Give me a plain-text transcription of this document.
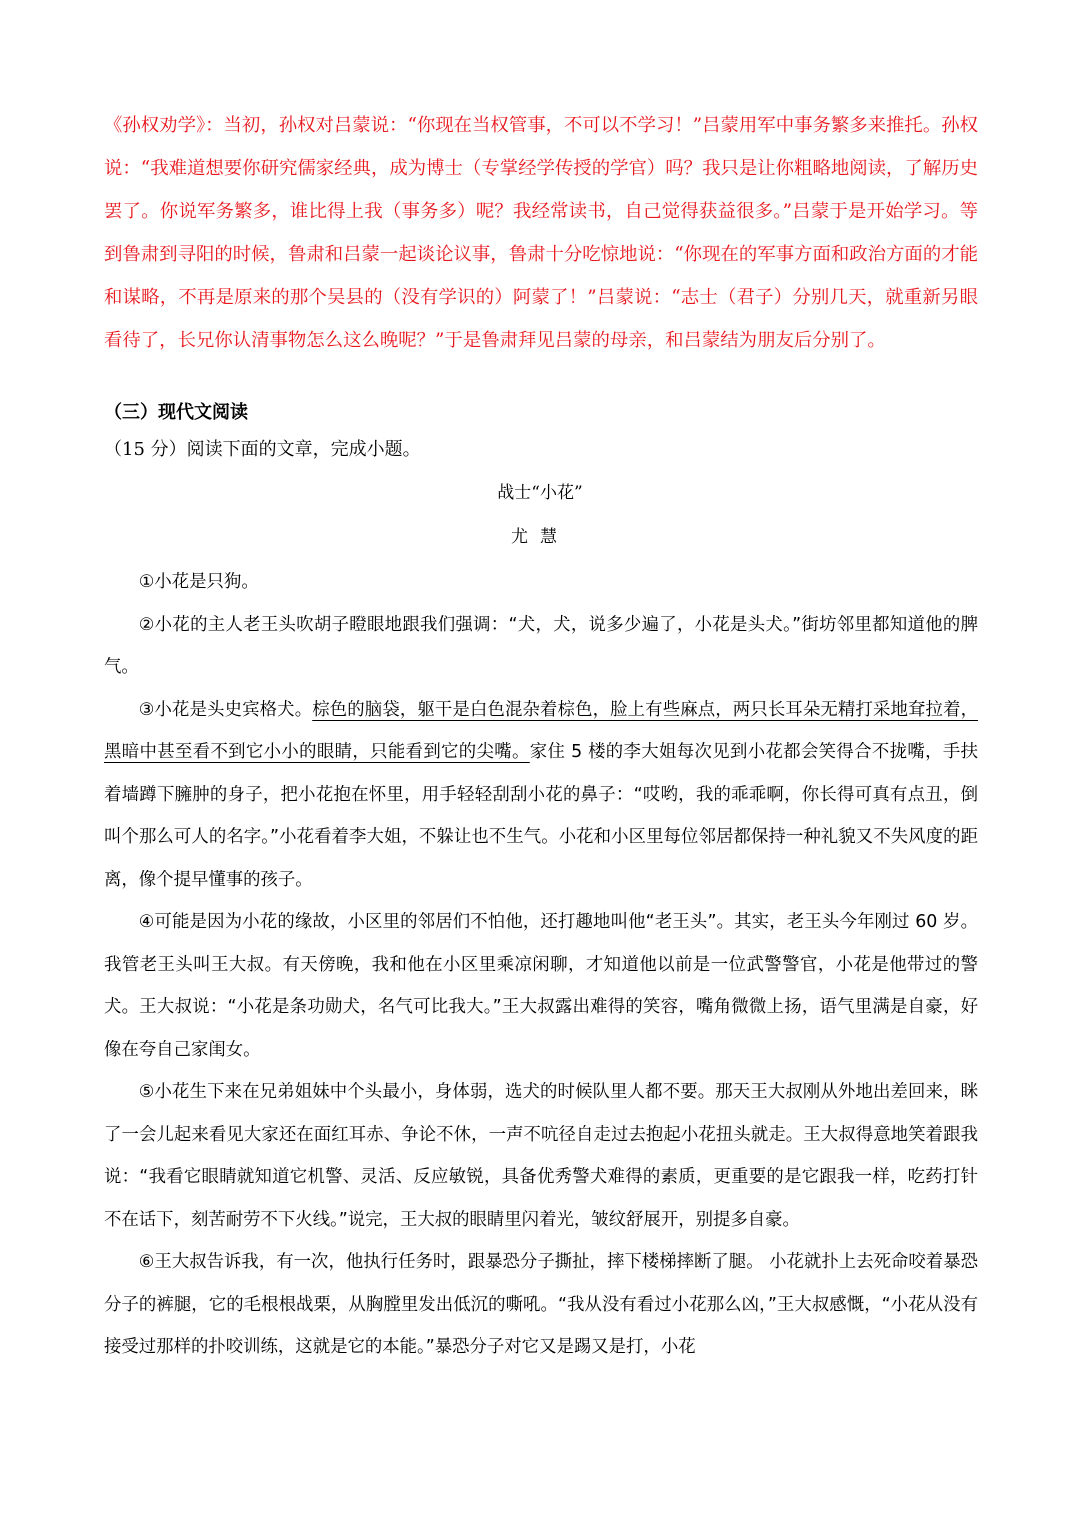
《孙权劝学》：当初，孙权对吕蒙说：“你现在当权管事，不可以不学习！”吕蒙用军中事务繁多来推托。孙权说：“我难道想要你研究儒家经典，成为博士（专掌经学传授的学官）吗？我只是让你粗略地阅读，了解历史罢了。你说军务繁多，谁比得上我（事务多）呢？我经常读书，自己觉得获益很多。”吕蒙于是开始学习。等到鲁肃到寻阳的时候，鲁肃和吕蒙一起谈论议事，鲁肃十分吃惊地说：“你现在的军事方面和政治方面的才能和谋略，不再是原来的那个吴县的（没有学识的）阿蒙了！”吕蒙说：“志士（君子）分别几天，就重新另眼看待了，长兄你认清事物怎么这么晚呢？”于是鲁肃拜见吕蒙的母亲，和吕蒙结为朋友后分别了。

（三）现代文阅读
（15 分）阅读下面的文章，完成小题。
战士“小花”
尤慧

①小花是只狗。

②小花的主人老王头吹胡子瞪眼地跟我们强调：“犬，犬，说多少遍了，小花是头犬。”街坊邻里都知道他的脾气。

③小花是头史宾格犬。棕色的脑袋，躯干是白色混杂着棕色，脸上有些麻点，两只长耳朵无精打采地耷拉着，黑暗中甚至看不到它小小的眼睛，只能看到它的尖嘴。家住 5 楼的李大姐每次见到小花都会笑得合不拢嘴，手扶着墙蹲下臃肿的身子，把小花抱在怀里，用手轻轻刮刮小花的鼻子：“哎哟，我的乖乖啊，你长得可真有点丑，倒叫个那么可人的名字。”小花看着李大姐，不躲让也不生气。小花和小区里每位邻居都保持一种礼貌又不失风度的距离，像个提早懂事的孩子。

④可能是因为小花的缘故，小区里的邻居们不怕他，还打趣地叫他“老王头”。其实，老王头今年刚过 60 岁。我管老王头叫王大叔。有天傍晚，我和他在小区里乘凉闲聊，才知道他以前是一位武警警官，小花是他带过的警犬。王大叔说：“小花是条功勋犬，名气可比我大。”王大叔露出难得的笑容，嘴角微微上扬，语气里满是自豪，好像在夸自己家闺女。

⑤小花生下来在兄弟姐妹中个头最小，身体弱，选犬的时候队里人都不要。那天王大叔刚从外地出差回来，眯了一会儿起来看见大家还在面红耳赤、争论不休，一声不吭径自走过去抱起小花扭头就走。王大叔得意地笑着跟我说：“我看它眼睛就知道它机警、灵活、反应敏锐，具备优秀警犬难得的素质，更重要的是它跟我一样，吃药打针不在话下，刻苦耐劳不下火线。”说完，王大叔的眼睛里闪着光，皱纹舒展开，别提多自豪。

⑥王大叔告诉我，有一次，他执行任务时，跟暴恐分子撕扯，摔下楼梯摔断了腿。 小花就扑上去死命咬着暴恐分子的裤腿，它的毛根根战栗，从胸膛里发出低沉的嘶吼。“我从没有看过小花那么凶，”王大叔感慨，“小花从没有接受过那样的扑咬训练，这就是它的本能。”暴恐分子对它又是踢又是打，小花
